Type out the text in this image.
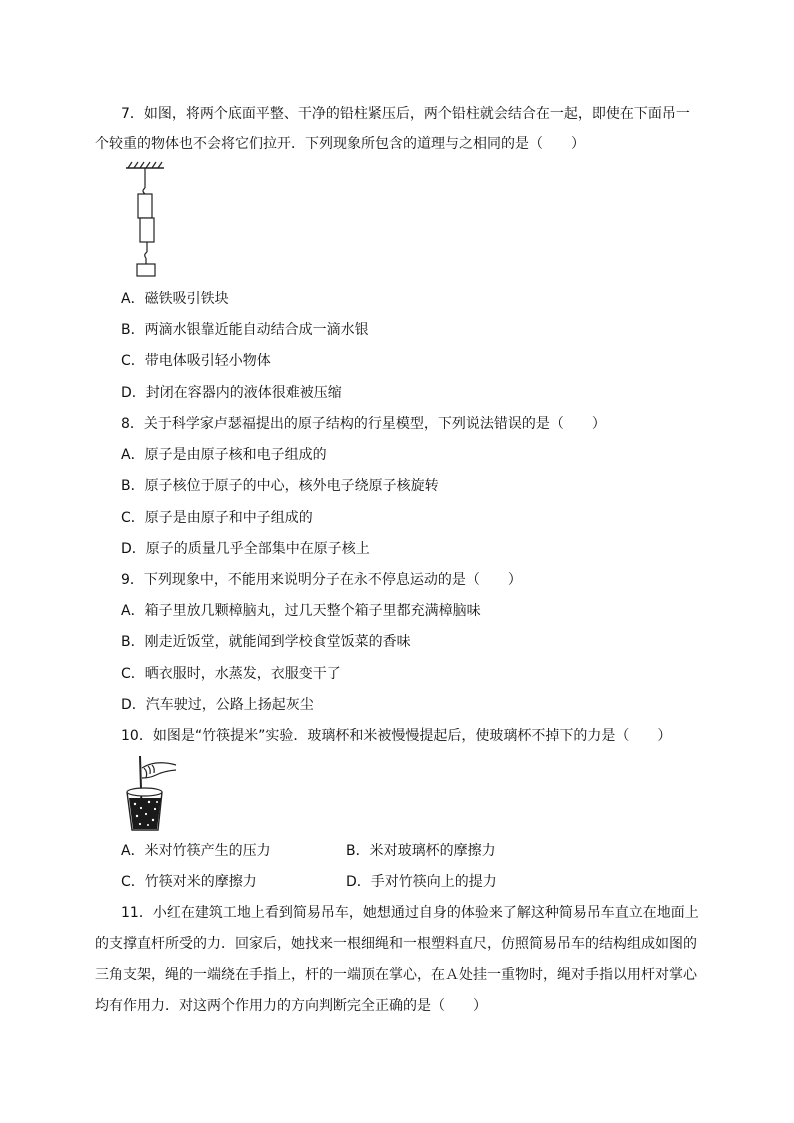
7．如图，将两个底面平整、干净的铅柱紧压后，两个铅柱就会结合在一起，即使在下面吊一
个较重的物体也不会将它们拉开．下列现象所包含的道理与之相同的是（　　）
A．磁铁吸引铁块
B．两滴水银靠近能自动结合成一滴水银
C．带电体吸引轻小物体
D．封闭在容器内的液体很难被压缩
8．关于科学家卢瑟福提出的原子结构的行星模型，下列说法错误的是（　　）
A．原子是由原子核和电子组成的
B．原子核位于原子的中心，核外电子绕原子核旋转
C．原子是由原子和中子组成的
D．原子的质量几乎全部集中在原子核上
9．下列现象中，不能用来说明分子在永不停息运动的是（　　）
A．箱子里放几颗樟脑丸，过几天整个箱子里都充满樟脑味
B．刚走近饭堂，就能闻到学校食堂饭菜的香味
C．晒衣服时，水蒸发，衣服变干了
D．汽车驶过，公路上扬起灰尘
10．如图是“竹筷提米”实验．玻璃杯和米被慢慢提起后，使玻璃杯不掉下的力是（　　）
A．米对竹筷产生的压力	B．米对玻璃杯的摩擦力
C．竹筷对米的摩擦力	D．手对竹筷向上的提力
11．小红在建筑工地上看到简易吊车，她想通过自身的体验来了解这种简易吊车直立在地面上
的支撑直杆所受的力．回家后，她找来一根细绳和一根塑料直尺，仿照简易吊车的结构组成如图的
三角支架，绳的一端绕在手指上，杆的一端顶在掌心，在Ａ处挂一重物时，绳对手指以用杆对掌心
均有作用力．对这两个作用力的方向判断完全正确的是（　　）
